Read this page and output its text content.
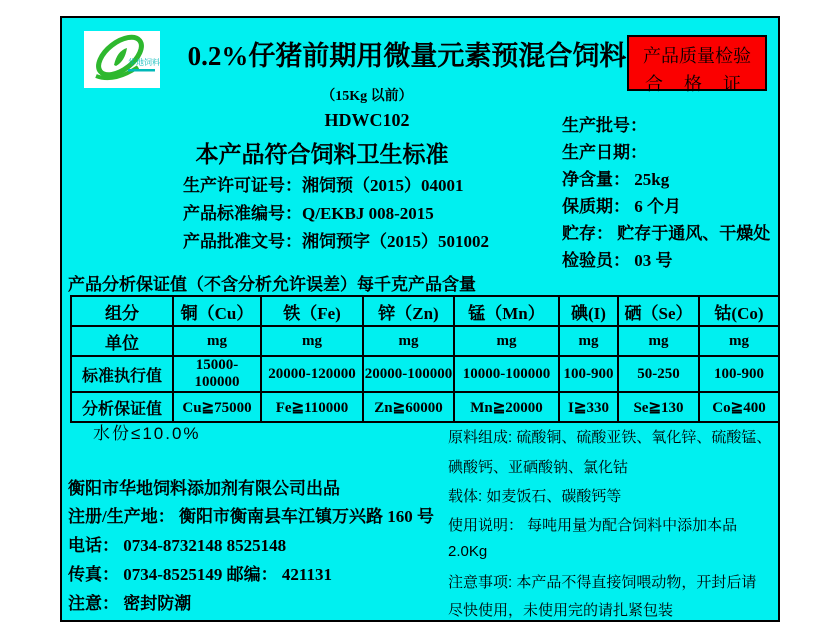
华地饲料	0.2%仔猪前期用微量元素预混合饲料 产品质量检验
合 格 证
（15Kg 以前）
HDWC102
本产品符合饲料卫生标准
生产许可证号：湘饲预（2015）04001
产品标准编号：Q/EKBJ 008-2015
产品批准文号：湘饲预字（2015）501002
生产批号：
生产日期：
净含量： 25kg
保质期： 6 个月
贮存： 贮存于通风、干燥处
检验员： 03 号
产品分析保证值（不含分析允许误差）每千克产品含量
组分	铜（Cu）	铁（Fe)	锌（Zn)	锰（Mn）	碘(I)	硒（Se）	钴(Co)
单位	mg	mg	mg	mg	mg	mg	mg
标准执行值	15000-100000	20000-120000	20000-100000	10000-100000	100-900	50-250	100-900
分析保证值	Cu≧75000	Fe≧110000	Zn≧60000	Mn≧20000	I≧330	Se≧130	Co≧400
水份≤10.0%
衡阳市华地饲料添加剂有限公司出品
注册/生产地： 衡阳市衡南县车江镇万兴路 160 号
电话： 0734-8732148 8525148
传真： 0734-8525149 邮编： 421131
注意： 密封防潮
原料组成: 硫酸铜、硫酸亚铁、氧化锌、硫酸锰、
碘酸钙、亚硒酸钠、氯化钴
载体: 如麦饭石、碳酸钙等
使用说明： 每吨用量为配合饲料中添加本品
2.0Kg
注意事项: 本产品不得直接饲喂动物，开封后请
尽快使用，未使用完的请扎紧包装
